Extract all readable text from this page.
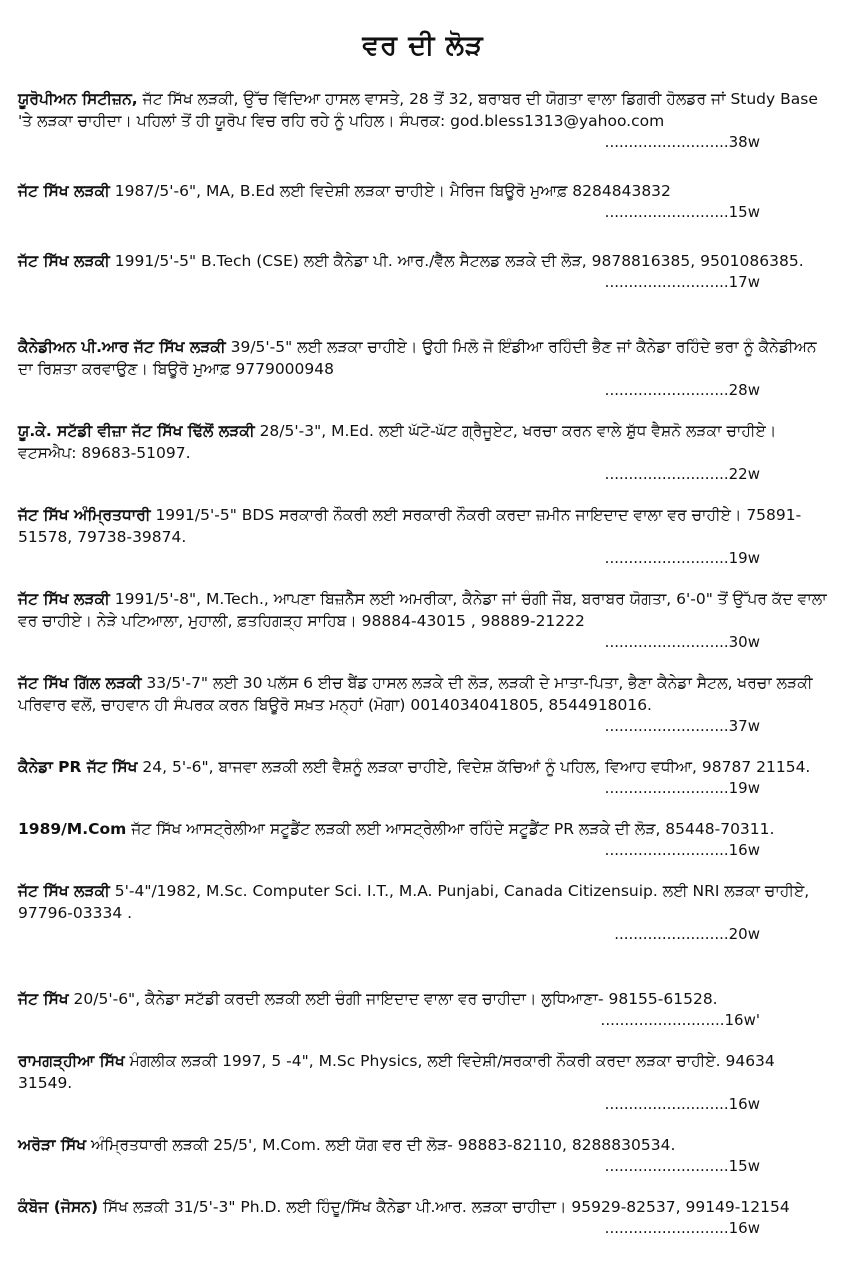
ਵਰ ਦੀ ਲੋੜ
ਯੂਰੋਪੀਅਨ ਸਿਟੀਜ਼ਨ, ਜੱਟ ਸਿੱਖ ਲੜਕੀ, ਉੱਚ ਵਿੱਦਿਆ ਹਾਸਲ ਵਾਸਤੇ, 28 ਤੋਂ 32, ਬਰਾਬਰ ਦੀ ਯੋਗਤਾ ਵਾਲਾ ਡਿਗਰੀ ਹੋਲਡਰ ਜਾਂ Study Base 'ਤੇ ਲੜਕਾ ਚਾਹੀਦਾ। ਪਹਿਲਾਂ ਤੋਂ ਹੀ ਯੂਰੋਪ ਵਿਚ ਰਹਿ ਰਹੇ ਨੂੰ ਪਹਿਲ। ਸੰਪਰਕ: god.bless1313@yahoo.com
..........................38w
ਜੱਟ ਸਿੱਖ ਲੜਕੀ 1987/5'-6", MA, B.Ed ਲਈ ਵਿਦੇਸ਼ੀ ਲੜਕਾ ਚਾਹੀਏ। ਮੈਰਿਜ ਬਿਊਰੋ ਮੁਆਫ਼ 8284843832
..........................15w
ਜੱਟ ਸਿੱਖ ਲੜਕੀ 1991/5'-5" B.Tech (CSE) ਲਈ ਕੈਨੇਡਾ ਪੀ. ਆਰ./ਵੈੱਲ ਸੈਟਲਡ ਲੜਕੇ ਦੀ ਲੋੜ, 9878816385, 9501086385.
..........................17w
ਕੈਨੇਡੀਅਨ ਪੀ.ਆਰ ਜੱਟ ਸਿੱਖ ਲੜਕੀ 39/5'-5" ਲਈ ਲੜਕਾ ਚਾਹੀਏ। ਉਹੀ ਮਿਲੋ ਜੋ ਇੰਡੀਆ ਰਹਿੰਦੀ ਭੈਣ ਜਾਂ ਕੈਨੇਡਾ ਰਹਿੰਦੇ ਭਰਾ ਨੂੰ ਕੈਨੇਡੀਅਨ ਦਾ ਰਿਸ਼ਤਾ ਕਰਵਾਉਣ। ਬਿਊਰੋ ਮੁਆਫ਼ 9779000948
..........................28w
ਯੂ.ਕੇ. ਸਟੱਡੀ ਵੀਜ਼ਾ ਜੱਟ ਸਿੱਖ ਢਿੱਲੋਂ ਲੜਕੀ 28/5'-3", M.Ed. ਲਈ ਘੱਟੋ-ਘੱਟ ਗ੍ਰੈਜੂਏਟ, ਖਰਚਾ ਕਰਨ ਵਾਲੇ ਸ਼ੁੱਧ ਵੈਸ਼ਨੋ ਲੜਕਾ ਚਾਹੀਏ। ਵਟਸਐਪ: 89683-51097.
..........................22w
ਜੱਟ ਸਿੱਖ ਅੰਮ੍ਰਿਤਧਾਰੀ 1991/5'-5" BDS ਸਰਕਾਰੀ ਨੌਕਰੀ ਲਈ ਸਰਕਾਰੀ ਨੌਕਰੀ ਕਰਦਾ ਜ਼ਮੀਨ ਜਾਇਦਾਦ ਵਾਲਾ ਵਰ ਚਾਹੀਏ। 75891-51578, 79738-39874.
..........................19w
ਜੱਟ ਸਿੱਖ ਲੜਕੀ 1991/5'-8", M.Tech., ਆਪਣਾ ਬਿਜ਼ਨੈੱਸ ਲਈ ਅਮਰੀਕਾ, ਕੈਨੇਡਾ ਜਾਂ ਚੰਗੀ ਜੌਬ, ਬਰਾਬਰ ਯੋਗਤਾ, 6'-0" ਤੋਂ ਉੱਪਰ ਕੱਦ ਵਾਲਾ ਵਰ ਚਾਹੀਏ। ਨੇੜੇ ਪਟਿਆਲਾ, ਮੁਹਾਲੀ, ਫ਼ਤਹਿਗੜ੍ਹ ਸਾਹਿਬ। 98884-43015 , 98889-21222
..........................30w
ਜੱਟ ਸਿੱਖ ਗਿੱਲ ਲੜਕੀ 33/5'-7" ਲਈ 30 ਪਲੱਸ 6 ਈਚ ਬੈਂਡ ਹਾਸਲ ਲੜਕੇ ਦੀ ਲੋੜ, ਲੜਕੀ ਦੇ ਮਾਤਾ-ਪਿਤਾ, ਭੈਣਾ ਕੈਨੇਡਾ ਸੈਟਲ, ਖਰਚਾ ਲੜਕੀ ਪਰਿਵਾਰ ਵਲੋਂ, ਚਾਹਵਾਨ ਹੀ ਸੰਪਰਕ ਕਰਨ ਬਿਊਰੋ ਸਖ਼ਤ ਮਨ੍ਹਾਂ (ਮੋਗਾ) 0014034041805, 8544918016.
..........................37w
ਕੈਨੇਡਾ PR ਜੱਟ ਸਿੱਖ 24, 5'-6", ਬਾਜਵਾ ਲੜਕੀ ਲਈ ਵੈਸ਼ਨੂੰ ਲੜਕਾ ਚਾਹੀਏ, ਵਿਦੇਸ਼ ਕੱਚਿਆਂ ਨੂੰ ਪਹਿਲ, ਵਿਆਹ ਵਧੀਆ, 98787 21154.
..........................19w
1989/M.Com ਜੱਟ ਸਿੱਖ ਆਸਟ੍ਰੇਲੀਆ ਸਟੂਡੈਂਟ ਲੜਕੀ ਲਈ ਆਸਟ੍ਰੇਲੀਆ ਰਹਿੰਦੇ ਸਟੂਡੈਂਟ PR ਲੜਕੇ ਦੀ ਲੋੜ, 85448-70311.
..........................16w
ਜੱਟ ਸਿੱਖ ਲੜਕੀ 5'-4"/1982, M.Sc. Computer Sci. I.T., M.A. Punjabi, Canada Citizensuip. ਲਈ NRI ਲੜਕਾ ਚਾਹੀਏ, 97796-03334 .
........................20w
ਜੱਟ ਸਿੱਖ 20/5'-6", ਕੈਨੇਡਾ ਸਟੱਡੀ ਕਰਦੀ ਲੜਕੀ ਲਈ ਚੰਗੀ ਜਾਇਦਾਦ ਵਾਲਾ ਵਰ ਚਾਹੀਦਾ। ਲੁਧਿਆਣਾ- 98155-61528.
..........................16w'
ਰਾਮਗੜ੍ਹੀਆ ਸਿੱਖ ਮੰਗਲੀਕ ਲੜਕੀ 1997, 5 -4", M.Sc Physics, ਲਈ ਵਿਦੇਸ਼ੀ/ਸਰਕਾਰੀ ਨੌਕਰੀ ਕਰਦਾ ਲੜਕਾ ਚਾਹੀਏ. 94634 31549.
..........................16w
ਅਰੋੜਾ ਸਿੱਖ ਅੰਮ੍ਰਿਤਧਾਰੀ ਲੜਕੀ 25/5', M.Com. ਲਈ ਯੋਗ ਵਰ ਦੀ ਲੋੜ- 98883-82110, 8288830534.
..........................15w
ਕੰਬੋਜ (ਜੋਸਨ) ਸਿੱਖ ਲੜਕੀ 31/5'-3" Ph.D. ਲਈ ਹਿੰਦੂ/ਸਿੱਖ ਕੈਨੇਡਾ ਪੀ.ਆਰ. ਲੜਕਾ ਚਾਹੀਦਾ। 95929-82537, 99149-12154
..........................16w
